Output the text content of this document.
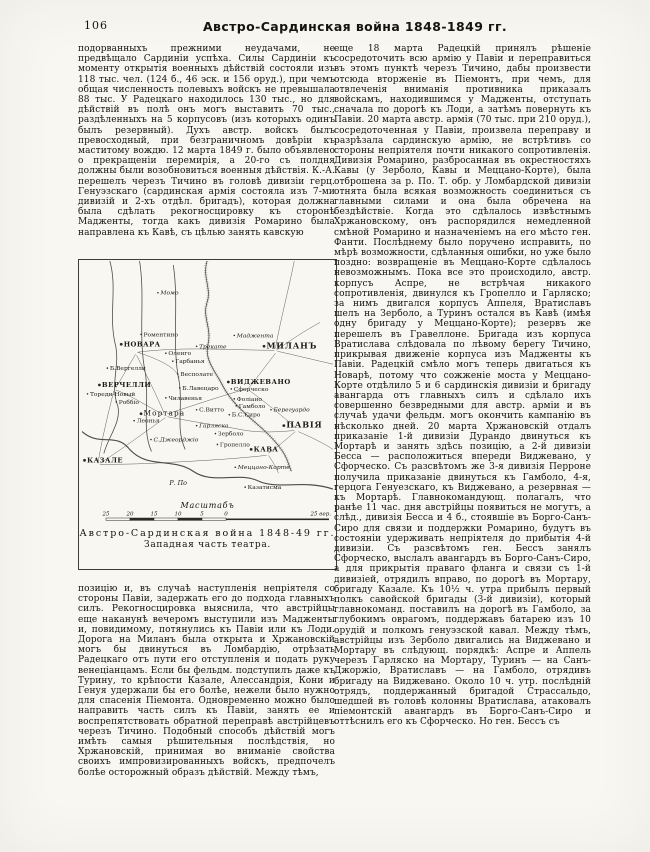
106	Австро-Сардинская война 1848-1849 гг.
подорванныхъ прежними неудачами, не предвѣщало Сардиніи успѣха. Силы Сардиніи къ моменту открытія военныхъ дѣйствій состояли изъ 118 тыс. чел. (124 б., 46 эск. и 156 оруд.), при чемъ общая численность полевыхъ войскъ не превышала 88 тыс. У Радецкаго находилось 130 тыс., но для дѣйствій въ полѣ онъ могъ выставить 70 тыс., раздѣленныхъ на 5 корпусовъ (изъ которыхъ одинъ былъ резервный). Духъ австр. войскъ былъ превосходный, при безграничномъ довѣріи къ маститому вождю. 12 марта 1849 г. было объявлено о прекращеніи перемирія, а 20-го съ полдня должны были возобновиться военныя дѣйствія. К.-А. перешелъ черезъ Тичино въ головѣ дивизіи герц. Генуэзскаго (сардинская армія состояла изъ 7-ми дивизій и 2-хъ отдѣл. бригадъ), которая должна была сдѣлать рекогносцировку къ сторонѣ Мадженты, тогда какъ дивизія Ромарино была направлена къ Кавѣ, съ цѣлью занять кавскую
Момо
Роментино
НОВАРА	Трекате
Оленго
Гарбанья
Маджента
МИЛАНЪ
Б.Вергелли
Весполате
ВЕРЧЕЛЛИ	Б.Лавецаро
ВИДЖЕВАНО
Сфорческо
Тореди-Новый
Роббіо
Чилавенья	Фоліано
Гамболо
Мортара С.Витто
Б.С.Сиро
Берегуардо
Леонья
Гарляска
Зерболо
С.Джеорджіо
Гропелло
КАВА
ПАВІЯ
КАЗАЛЕ
Меццано-Корте
Казатисма
Р. По
Масштабъ
25	20	15	10	5	0	25 вер.
Австро-Сардинская война 1848-49 гг.
Западная часть театра.
позицію и, въ случаѣ наступленія непріятеля со стороны Павіи, задержать его до подхода главныхъ силъ. Рекогносцировка выяснила, что австрійцы еще наканунѣ вечеромъ выступили изъ Мадженты и, повидимому, потянулись къ Павіи или къ Лоди. Дорога на Миланъ была открыта и Хржановскій могъ бы двинуться въ Ломбардію, отрѣзать Радецкаго отъ пути его отступленія и подать руку венеціанцамъ. Если бы фельдм. подступилъ даже къ Турину, то крѣпости Казале, Алессандрія, Кони и Генуя удержали бы его болѣе, нежели было нужно для спасенія Піемонта. Одновременно можно было направить часть силъ къ Павіи, занять ее и воспрепятствовать обратной переправѣ австрійцевъ черезъ Тичино. Подобный способъ дѣйствій могъ имѣть самыя рѣшительныя послѣдствія, но Хржановскій, принимая во вниманіе свойства своихъ импровизированныхъ войскъ, предпочелъ болѣе осторожный образъ дѣйствій. Между тѣмъ,
еще 18 марта Радецкій принялъ рѣшеніе сосредоточить всю армію у Павіи и переправиться въ этомъ пунктѣ черезъ Тичино, дабы произвести отсюда вторженіе въ Піемонтъ, при чемъ, для отвлеченія вниманія противника приказалъ войскамъ, находившимся у Мадженты, отступать сначала по дорогѣ къ Лоди, а затѣмъ повернуть къ Павіи. 20 марта австр. армія (70 тыс. при 210 оруд.), сосредоточенная у Павіи, произвела переправу и разрѣзала сардинскую армію, не встрѣтивъ со стороны непріятеля почти никакого сопротивленія. Дивизія Ромарино, разбросанная въ окрестностяхъ Кавы (у Зерболо, Кавы и Меццано-Корте), была отброшена за р. По. Т. обр. у Ломбардской дивизіи отнята была всякая возможность соединиться съ главными силами и она была обречена на бездѣйствіе. Когда это сдѣлалось извѣстнымъ Хржановскому, онъ распорядился немедленной смѣной Ромарино и назначеніемъ на его мѣсто ген. Фанти. Послѣднему было поручено исправить, по мѣрѣ возможности, сдѣланныя ошибки, но уже было поздно: возвращеніе въ Меццано-Корте сдѣлалось невозможнымъ. Пока все это происходило, австр. корпусъ Аспре, не встрѣчая никакого сопротивленія, двинулся къ Гропелло и Гарляско; за нимъ двигался корпусъ Аппеля, Вратиславъ шелъ на Зерболо, а Туринъ остался въ Кавѣ (имѣя одну бригаду у Меццано-Корте); резервъ же перешелъ въ Гравеллоне. Бригада изъ корпуса Вратислава слѣдовала по лѣвому берегу Тичино, прикрывая движеніе корпуса изъ Мадженты къ Павіи. Радецкій смѣло могъ теперь двигаться къ Новарѣ, потому что сожженіе моста у Меццано-Корте отдѣлило 5 и 6 сардинскія дивизіи и бригаду авангарда отъ главныхъ силъ и сдѣлало ихъ совершенно безвредными для австр. арміи и въ случаѣ удачи фельдм. могъ окончить кампанію въ нѣсколько дней. 20 марта Хржановскій отдалъ приказаніе 1-й дивизіи Дурандо двинуться къ Мортарѣ и занять здѣсь позицію, а 2-й дивизіи Бесса — расположиться впереди Виджевано, у Сфорческо. Съ разсвѣтомъ же 3-я дивизія Перроне получила приказаніе двинуться къ Гамболо, 4-я, герцога Генуезскаго, къ Виджевано, а резервная — къ Мортарѣ. Главнокомандующ. полагалъ, что ранѣе 11 час. дня австрійцы появиться не могутъ, а слѣд., дивизія Бесса и 4 б., стоявшіе въ Борго-Санъ-Сиро для связи и поддержки Ромарино, будутъ въ состояніи удерживать непріятеля до прибытія 4-й дивизіи. Съ разсвѣтомъ ген. Бессъ занялъ Сфорческо, выслалъ авангардъ въ Борго-Санъ-Сиро, а для прикрытія праваго фланга и связи съ 1-й дивизіей, отрядилъ вправо, по дорогѣ въ Мортару, бригаду Казале. Къ 10½ ч. утра прибылъ первый полкъ савойской бригады (3-й дивизіи), который главнокоманд. поставилъ на дорогѣ въ Гамболо, за глубокимъ оврагомъ, поддержавъ батарею изъ 10 орудій и полкомъ генуэзской кавал. Между тѣмъ, австрійцы изъ Зерболо двигались на Виджевано и Мортару въ слѣдующ. порядкѣ: Аспре и Аппель черезъ Гарляско на Мортару, Туринъ — на Санъ-Джоржіо, Вратиславъ — на Гамболо, отрядивъ бригаду на Виджевано. Около 10 ч. утр. послѣдній отрядъ, поддержанный бригадой Страссальдо, шедшей въ головѣ колонны Вратислава, атаковалъ піемонтскій авангардъ въ Борго-Санъ-Сиро и оттѣснилъ его къ Сфорческо. Но ген. Бессъ съ
